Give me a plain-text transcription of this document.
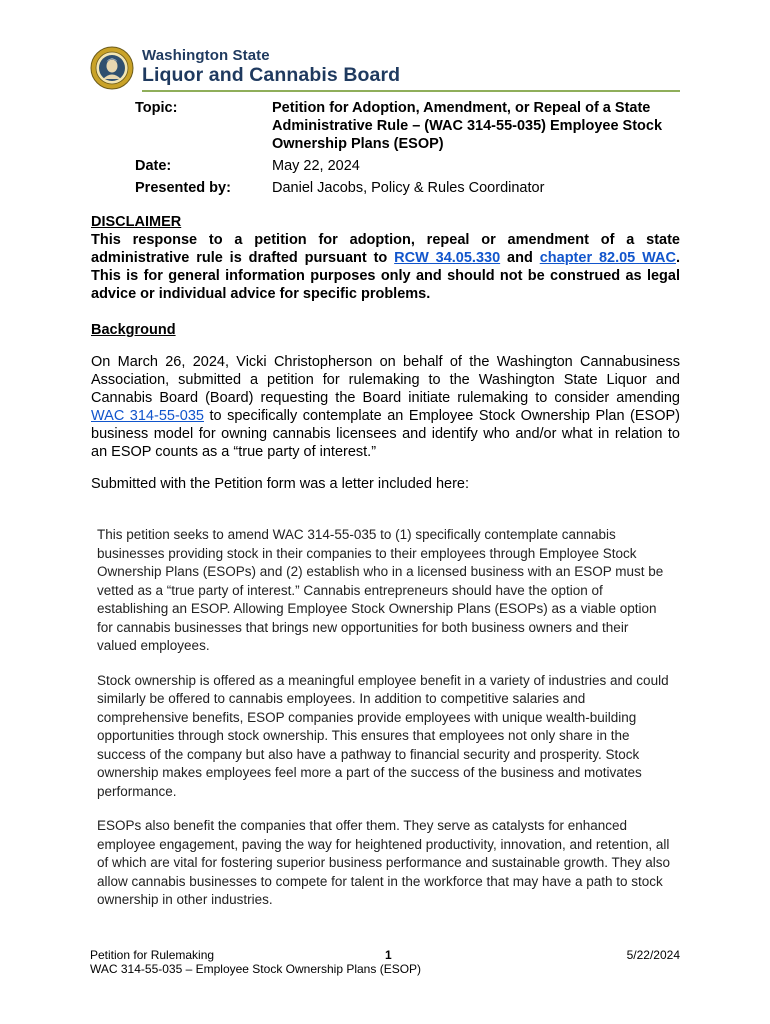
Washington State
Liquor and Cannabis Board
Topic:	Petition for Adoption, Amendment, or Repeal of a State Administrative Rule – (WAC 314-55-035) Employee Stock Ownership Plans (ESOP)
Date:	May 22, 2024
Presented by:	Daniel Jacobs, Policy & Rules Coordinator
DISCLAIMER
This response to a petition for adoption, repeal or amendment of a state administrative rule is drafted pursuant to RCW 34.05.330 and chapter 82.05 WAC. This is for general information purposes only and should not be construed as legal advice or individual advice for specific problems.
Background
On March 26, 2024, Vicki Christopherson on behalf of the Washington Cannabusiness Association, submitted a petition for rulemaking to the Washington State Liquor and Cannabis Board (Board) requesting the Board initiate rulemaking to consider amending WAC 314-55-035 to specifically contemplate an Employee Stock Ownership Plan (ESOP) business model for owning cannabis licensees and identify who and/or what in relation to an ESOP counts as a “true party of interest.”
Submitted with the Petition form was a letter included here:

This petition seeks to amend WAC 314-55-035 to (1) specifically contemplate cannabis businesses providing stock in their companies to their employees through Employee Stock Ownership Plans (ESOPs) and (2) establish who in a licensed business with an ESOP must be vetted as a “true party of interest.” Cannabis entrepreneurs should have the option of establishing an ESOP. Allowing Employee Stock Ownership Plans (ESOPs) as a viable option for cannabis businesses that brings new opportunities for both business owners and their valued employees.

Stock ownership is offered as a meaningful employee benefit in a variety of industries and could similarly be offered to cannabis employees. In addition to competitive salaries and comprehensive benefits, ESOP companies provide employees with unique wealth-building opportunities through stock ownership. This ensures that employees not only share in the success of the company but also have a pathway to financial security and prosperity. Stock ownership makes employees feel more a part of the success of the business and motivates performance.

ESOPs also benefit the companies that offer them. They serve as catalysts for enhanced employee engagement, paving the way for heightened productivity, innovation, and retention, all of which are vital for fostering superior business performance and sustainable growth. They also allow cannabis businesses to compete for talent in the workforce that may have a path to stock ownership in other industries.

Petition for Rulemaking	1	5/22/2024
WAC 314-55-035 – Employee Stock Ownership Plans (ESOP)
